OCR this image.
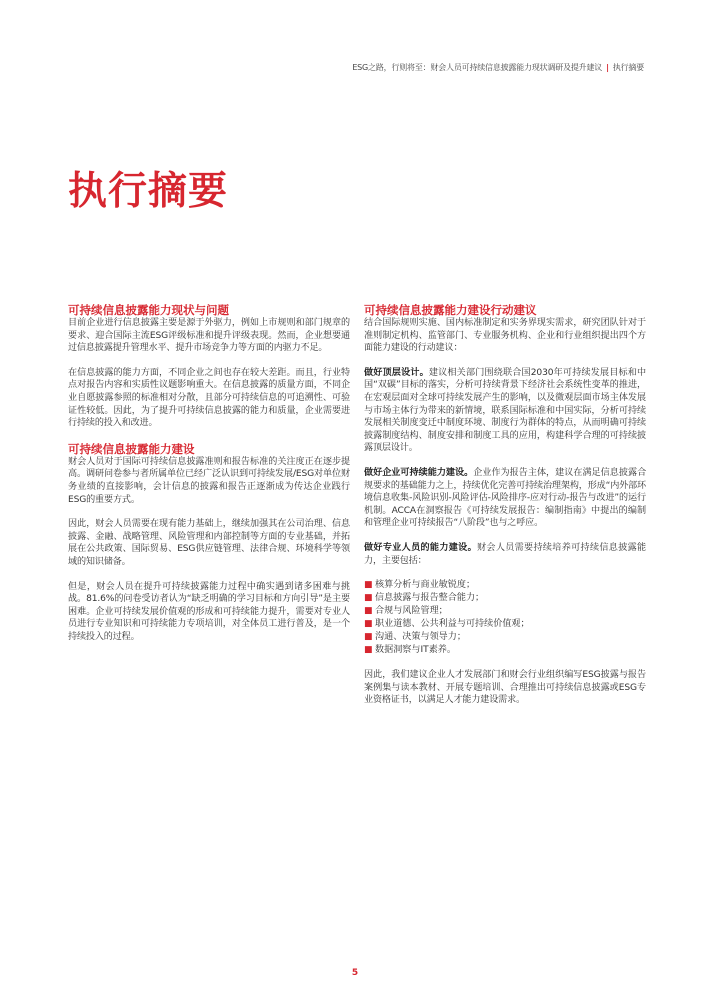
ESG之路，行则将至：财会人员可持续信息披露能力现状调研及提升建议 | 执行摘要
执行摘要
可持续信息披露能力现状与问题

目前企业进行信息披露主要是源于外驱力，例如上市规则和部门规章的要求、迎合国际主流ESG评级标准和提升评级表现。然而，企业想要通过信息披露提升管理水平、提升市场竞争力等方面的内驱力不足。

在信息披露的能力方面，不同企业之间也存在较大差距。而且，行业特点对报告内容和实质性议题影响重大。在信息披露的质量方面，不同企业自愿披露参照的标准相对分散，且部分可持续信息的可追溯性、可验证性较低。因此，为了提升可持续信息披露的能力和质量，企业需要进行持续的投入和改进。

可持续信息披露能力建设

财会人员对于国际可持续信息披露准则和报告标准的关注度正在逐步提高。调研问卷参与者所属单位已经广泛认识到可持续发展/ESG对单位财务业绩的直接影响，会计信息的披露和报告正逐渐成为传达企业践行ESG的重要方式。

因此，财会人员需要在现有能力基础上，继续加强其在公司治理、信息披露、金融、战略管理、风险管理和内部控制等方面的专业基础，并拓展在公共政策、国际贸易、ESG供应链管理、法律合规、环境科学等领域的知识储备。

但是，财会人员在提升可持续披露能力过程中确实遇到诸多困难与挑战。81.6%的问卷受访者认为“缺乏明确的学习目标和方向引导”是主要困难。企业可持续发展价值观的形成和可持续能力提升，需要对专业人员进行专业知识和可持续能力专项培训，对全体员工进行普及，是一个持续投入的过程。

可持续信息披露能力建设行动建议

结合国际规则实施、国内标准制定和实务界现实需求，研究团队针对于准则制定机构、监管部门、专业服务机构、企业和行业组织提出四个方面能力建设的行动建议：

做好顶层设计。建议相关部门围绕联合国2030年可持续发展目标和中国“双碳”目标的落实，分析可持续背景下经济社会系统性变革的推进，在宏观层面对全球可持续发展产生的影响，以及微观层面市场主体发展与市场主体行为带来的新情境，联系国际标准和中国实际，分析可持续发展相关制度变迁中制度环境、制度行为群体的特点，从而明确可持续披露制度结构、制度安排和制度工具的应用，构建科学合理的可持续披露顶层设计。

做好企业可持续能力建设。企业作为报告主体，建议在满足信息披露合规要求的基础能力之上，持续优化完善可持续治理架构，形成“内外部环境信息收集-风险识别-风险评估-风险排序-应对行动-报告与改进”的运行机制。ACCA在洞察报告《可持续发展报告：编制指南》中提出的编制和管理企业可持续报告“八阶段”也与之呼应。

做好专业人员的能力建设。财会人员需要持续培养可持续信息披露能力，主要包括：

■ 核算分析与商业敏锐度；
■ 信息披露与报告整合能力；
■ 合规与风险管理；
■ 职业道德、公共利益与可持续价值观；
■ 沟通、决策与领导力；
■ 数据洞察与IT素养。

因此，我们建议企业人才发展部门和财会行业组织编写ESG披露与报告案例集与读本教材、开展专题培训、合理推出可持续信息披露或ESG专业资格证书，以满足人才能力建设需求。

5
